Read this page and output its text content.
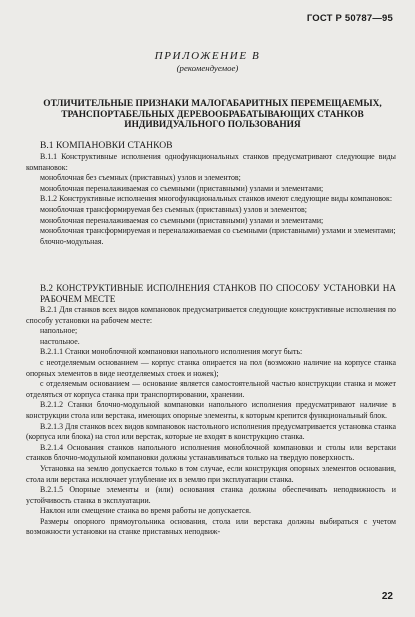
ГОСТ Р 50787—95
ПРИЛОЖЕНИЕ В
(рекомендуемое)
ОТЛИЧИТЕЛЬНЫЕ ПРИЗНАКИ МАЛОГАБАРИТНЫХ ПЕРЕМЕЩАЕМЫХ, ТРАНСПОРТАБЕЛЬНЫХ ДЕРЕВООБРАБАТЫВАЮЩИХ СТАНКОВ ИНДИВИДУАЛЬНОГО ПОЛЬЗОВАНИЯ

В.1 КОМПАНОВКИ СТАНКОВ

В.1.1 Конструктивные исполнения однофункциональных станков предусматривают следующие виды компановок:

моноблочная без съемных (приставных) узлов и элементов;

моноблочная переналаживаемая со съемными (приставными) узлами и элементами;

В.1.2 Конструктивные исполнения многофункциональных станков имеют следующие виды компановок:

моноблочная трансформируемая без съемных (приставных) узлов и элементов;

моноблочная переналаживаемая со съемными (приставными) узлами и элементами;

моноблочная трансформируемая и переналаживаемая со съемными (приставными) узлами и элементами;

блочно-модульная.

В.2 КОНСТРУКТИВНЫЕ ИСПОЛНЕНИЯ СТАНКОВ ПО СПОСОБУ УСТАНОВКИ НА РАБОЧЕМ МЕСТЕ

В.2.1 Для станков всех видов компановок предусматривается следующие конструктивные исполнения по способу установки на рабочем месте:

напольное;

настольное.

В.2.1.1 Станки моноблочной компановки напольного исполнения могут быть:

с неотделяемым основанием — корпус станка опирается на пол (возможно наличие на корпусе станка опорных элементов в виде неотделяемых стоек и ножек);

с отделяемым основанием — основание является самостоятельной частью конструкции станка и может отделяться от корпуса станка при транспортировании, хранении.

В.2.1.2 Станки блочно-модульной компановки напольного исполнения предусматривают наличие в конструкции стола или верстака, имеющих опорные элементы, к которым крепится функциональный блок.

В.2.1.3 Для станков всех видов компановок настольного исполнения предусматривается установка станка (корпуса или блока) на стол или верстак, которые не входят в конструкцию станка.

В.2.1.4 Основания станков напольного исполнения моноблочной компановки и столы или верстаки станков блочно-модульной компановки должны устанавливаться только на твердую поверхность.

Установка на землю допускается только в том случае, если конструкция опорных элементов основания, стола или верстака исключает углубление их в землю при эксплуатации станка.

В.2.1.5 Опорные элементы и (или) основания станка должны обеспечивать неподвижность и устойчивость станка в эксплуатации.

Наклон или смещение станка во время работы не допускается.

Размеры опорного прямоугольника основания, стола или верстака должны выбираться с учетом возможности установки на станке приставных неподвиж-

22
